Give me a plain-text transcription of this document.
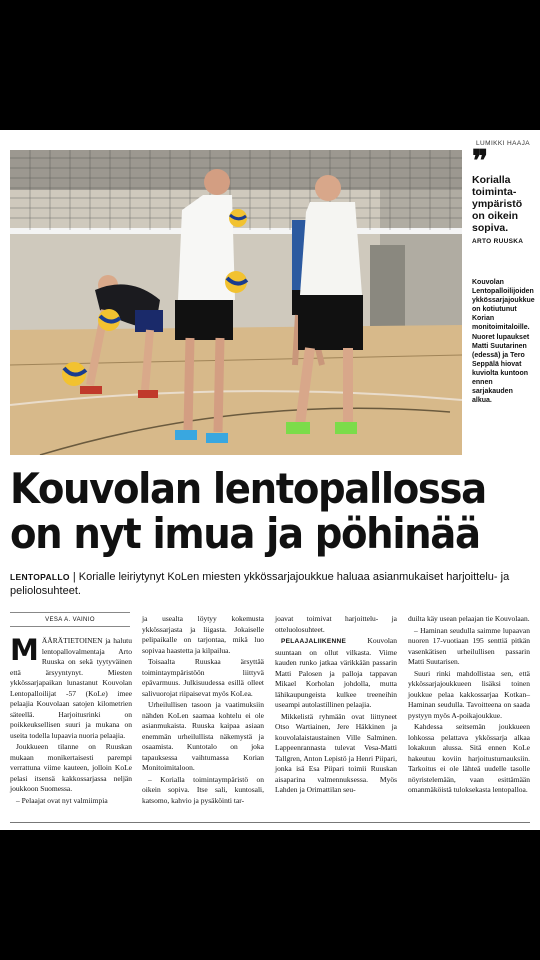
LUMIKKI HAAJA
❞
Korialla toiminta-ympäristö on oikein sopiva.
ARTO RUUSKA
Kouvolan Lentopalloilijoiden ykkössarjajoukkue on kotiutunut Korian monitoimitaloille. Nuoret lupaukset Matti Suutarinen (edessä) ja Tero Seppälä hiovat kuviolta kuntoon ennen sarjakauden alkua.
Kouvolan lentopallossa on nyt imua ja pöhinää
LENTOPALLO | Korialle leiriytynyt KoLen miesten ykkössarjajoukkue haluaa asianmukaiset harjoittelu- ja peliolosuhteet.
VESA A. VAINIO

MÄÄRÄTIETOINEN ja halutu lentopallovalmentaja Arto Ruuska on sekä tyytyväinen että ärsyyntynyt. Miesten ykkössarjapaikan lunastanut Kouvolan Lentopalloilijat -57 (KoLe) imee pelaajia Kouvolaan satojen kilometrien säteellä. Harjoitusrinki on poikkeuksellisen suuri ja mukana on useita todella lupaavia nuoria pelaajia.

Joukkueen tilanne on Ruuskan mukaan monikertaisesti parempi verrattuna viime kauteen, jolloin KoLe pelasi itsensä kakkossarjassa neljän joukkoon Suomessa.

– Pelaajat ovat nyt valmiimpia

ja usealta löytyy kokemusta ykkössarjasta ja liigasta. Jokaiselle pelipaikalle on tarjontaa, mikä luo sopivaa haastetta ja kilpailua.

Toisaalta Ruuskaa ärsyttää toimintaympäristöön liittyvä epävarmuus. Julkisuudessa esillä olleet salivuorojat riipaisevat myös KoLea.

Urheilullisen tasoon ja vaatimuksiin nähden KoLen saamaa kohtelu ei ole asianmukaista. Ruuska kaipaa asiaan enemmän urheilullista näkemystä ja osaamista. Kuntotalo on joka tapauksessa vaihtumassa Korian Monitoimitaloon.

– Korialla toimintaympäristö on oikein sopiva. Itse sali, kuntosali, katsomo, kahvio ja pysäköinti tar-

joavat toimivat harjoittelu- ja otteluolosuhteet.

PELAAJALIIKENNE	Kouvolan suuntaan on ollut vilkasta. Viime kauden runko jatkaa värikkään passarin Matti Palosen ja palloja tappavan Mikael Korholan johdolla, mutta lähikaupungeista kulkee treeneihin useampi autolastillinen pelaajia.

Mikkelistä ryhmään ovat liittyneet Otso Wartiainen, Jere Häkkinen ja kouvolalaistaustainen Ville Salminen. Lappeenrannasta tulevat Vesa-Matti Tallgren, Anton Lepistö ja Henri Piipari, jonka isä Esa Piipari toimii Ruuskan aisaparina valmennuksessa. Myös Lahden ja Orimattilan seu-

duilta käy usean pelaajan tie Kouvolaan.

– Haminan seudulla saimme lupaavan nuoren 17-vuotiaan 195 senttiä pitkän vasenkätisen urheilullisen passarin Matti Suutarisen.

Suuri rinki mahdollistaa sen, että ykkössarjajoukkueen lisäksi toinen joukkue pelaa kakkossarjaa Kotkan–Haminan seudulla. Tavoitteena on saada pystyyn myös A-poikajoukkue.

Kahdessa seitsemän joukkueen lohkossa pelattava ykkössarja alkaa lokakuun alussa. Sitä ennen KoLe hakeutuu koviin harjoitusturnauksiin. Tarkoitus ei ole lähteä uudelle tasolle nöyristelemään, vaan esittämään omanmäköistä tuloksekasta lentopalloa.
